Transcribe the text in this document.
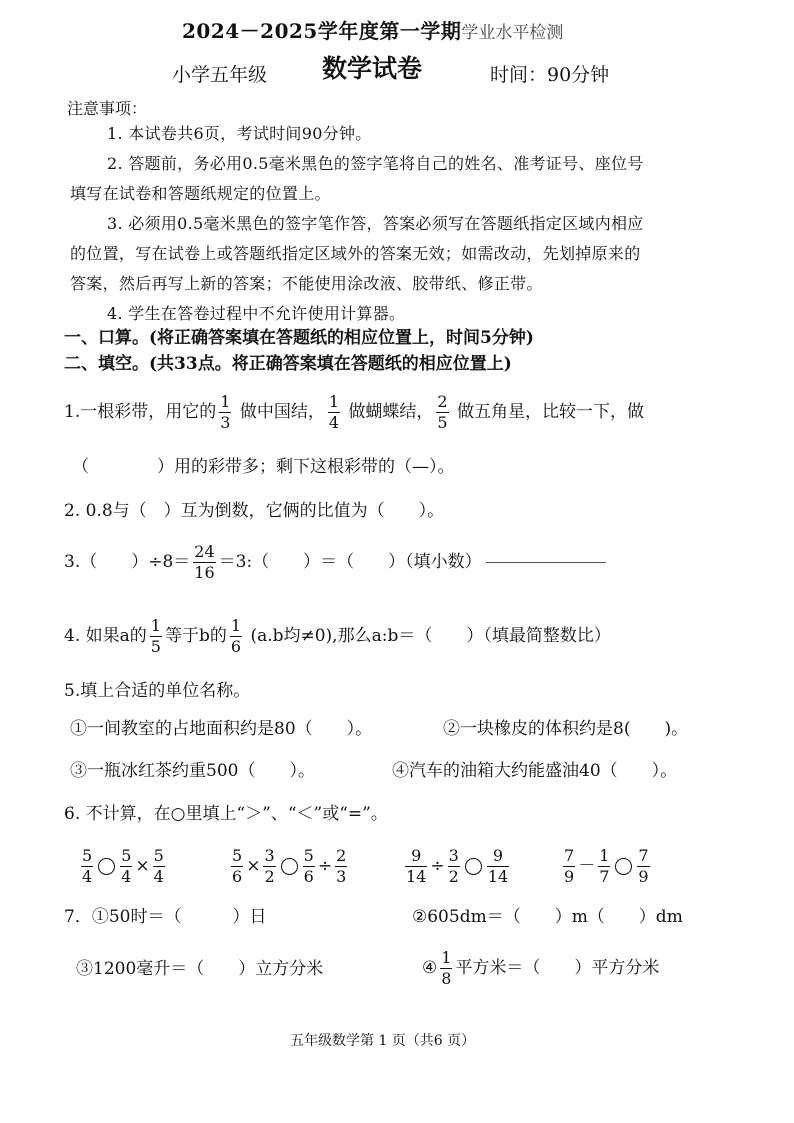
2024－2025学年度第一学期学业水平检测
小学五年级 数学试卷	时间：90分钟
注意事项：
1. 本试卷共6页，考试时间90分钟。
2. 答题前，务必用0.5毫米黑色的签字笔将自己的姓名、准考证号、座位号
填写在试卷和答题纸规定的位置上。
3. 必须用0.5毫米黑色的签字笔作答，答案必须写在答题纸指定区域内相应
的位置，写在试卷上或答题纸指定区域外的答案无效；如需改动，先划掉原来的
答案，然后再写上新的答案；不能使用涂改液、胶带纸、修正带。
4. 学生在答卷过程中不允许使用计算器。
一、口算。(将正确答案填在答题纸的相应位置上，时间5分钟)
二、填空。(共33点。将正确答案填在答题纸的相应位置上)
1.一根彩带，用它的 $\frac{1}{3}$ 做中国结， $\frac{1}{4}$ 做蝴蝶结， $\frac{2}{5}$ 做五角星，比较一下，做
（　　　　）用的彩带多；剩下这根彩带的（—）。
2. 0.8与（　）互为倒数，它俩的比值为（　　）。
3.（　　）$\div 8= \frac{24}{16}$ ＝3:（　　）＝（　　）（填小数）
4. 如果a的 $\frac{1}{5}$ 等于b的 $\frac{1}{6} (a.b$均≠0),那么a:b＝（　　）（填最简整数比）
5.填上合适的单位名称。
①一间教室的占地面积约是80（　　）。	②一块橡皮的体积约是8(　　)。
③一瓶冰红茶约重500（　　）。	④汽车的油箱大约能盛油40（　　）。
6. 不计算，在○里填上“＞”、“＜”或“=”。
$\frac{5}{4} \frac{5}{4} \times \frac{5}{4}$	$\frac{5}{6} \times \frac{3}{2} \frac{5}{6} \div \frac{2}{3}$	$\frac{9}{14} \div \frac{3}{2} \frac{9}{14}$	$\frac{7}{9} - \frac{1}{7} \frac{7}{9}$
7．①50时＝（　　　）日	②605dm＝（　　）m（　　）dm
③1200毫升＝（　　）立方分米	④ $\frac{1}{8}$ 平方米＝（　　）平方分米
五年级数学第 1 页（共6 页）
